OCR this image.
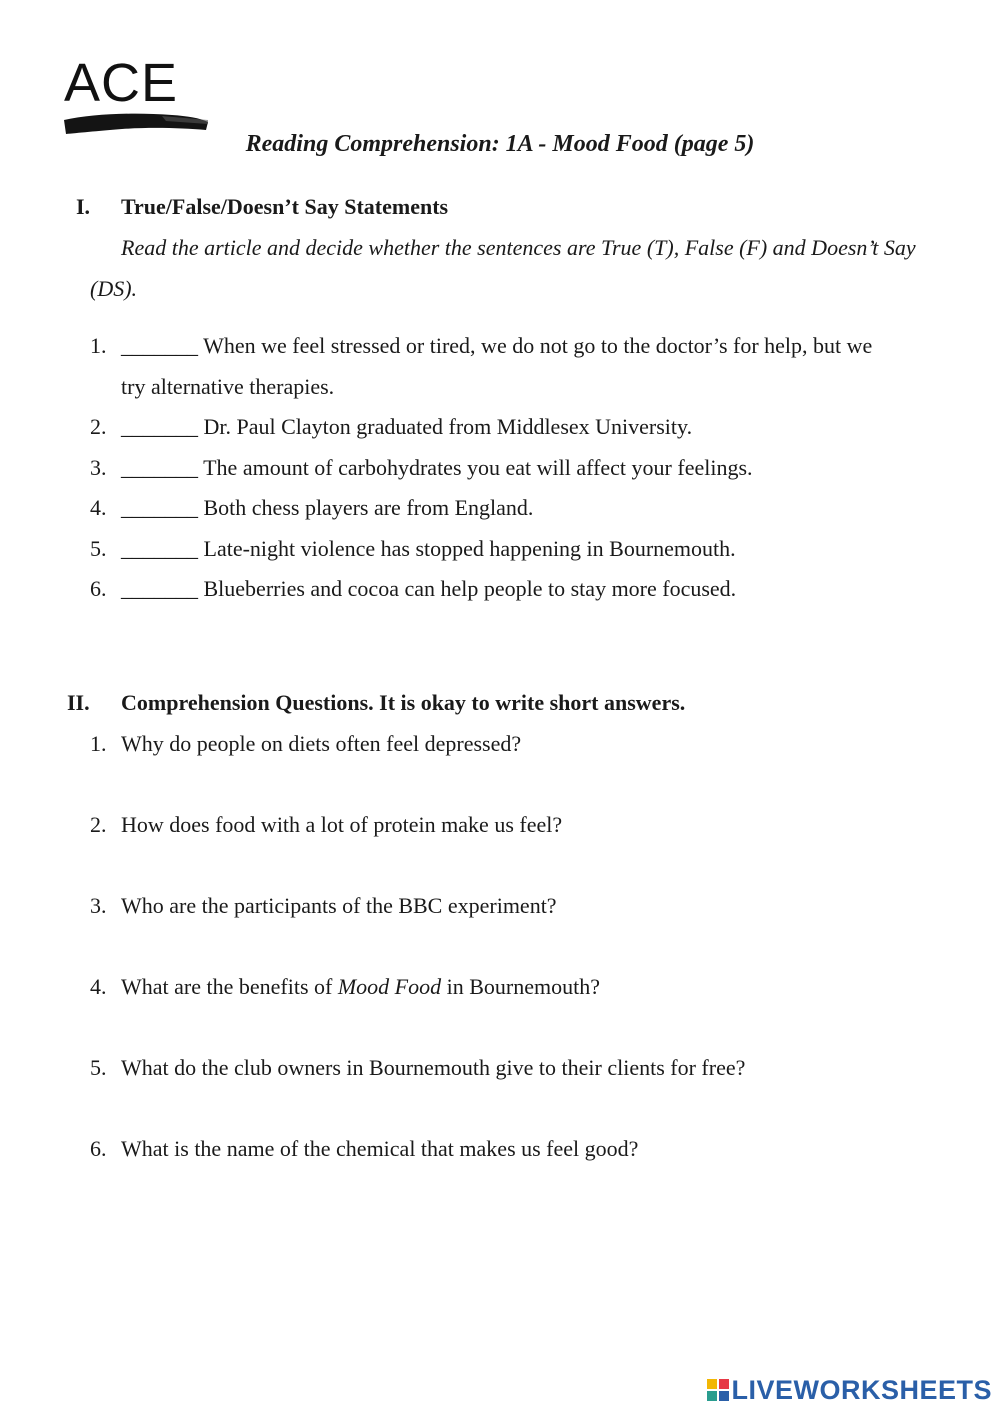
ACE
Reading Comprehension: 1A - Mood Food (page 5)
I. True/False/Doesn’t Say Statements
Read the article and decide whether the sentences are True (T), False (F) and Doesn’t Say (DS).
1. _______ When we feel stressed or tired, we do not go to the doctor’s for help, but we
try alternative therapies.
2. _______ Dr. Paul Clayton graduated from Middlesex University.
3. _______ The amount of carbohydrates you eat will affect your feelings.
4. _______ Both chess players are from England.
5. _______ Late-night violence has stopped happening in Bournemouth.
6. _______ Blueberries and cocoa can help people to stay more focused.
II. Comprehension Questions. It is okay to write short answers.
1. Why do people on diets often feel depressed?
2. How does food with a lot of protein make us feel?
3. Who are the participants of the BBC experiment?
4. What are the benefits of Mood Food in Bournemouth?
5. What do the club owners in Bournemouth give to their clients for free?
6. What is the name of the chemical that makes us feel good?
LIVEWORKSHEETS
